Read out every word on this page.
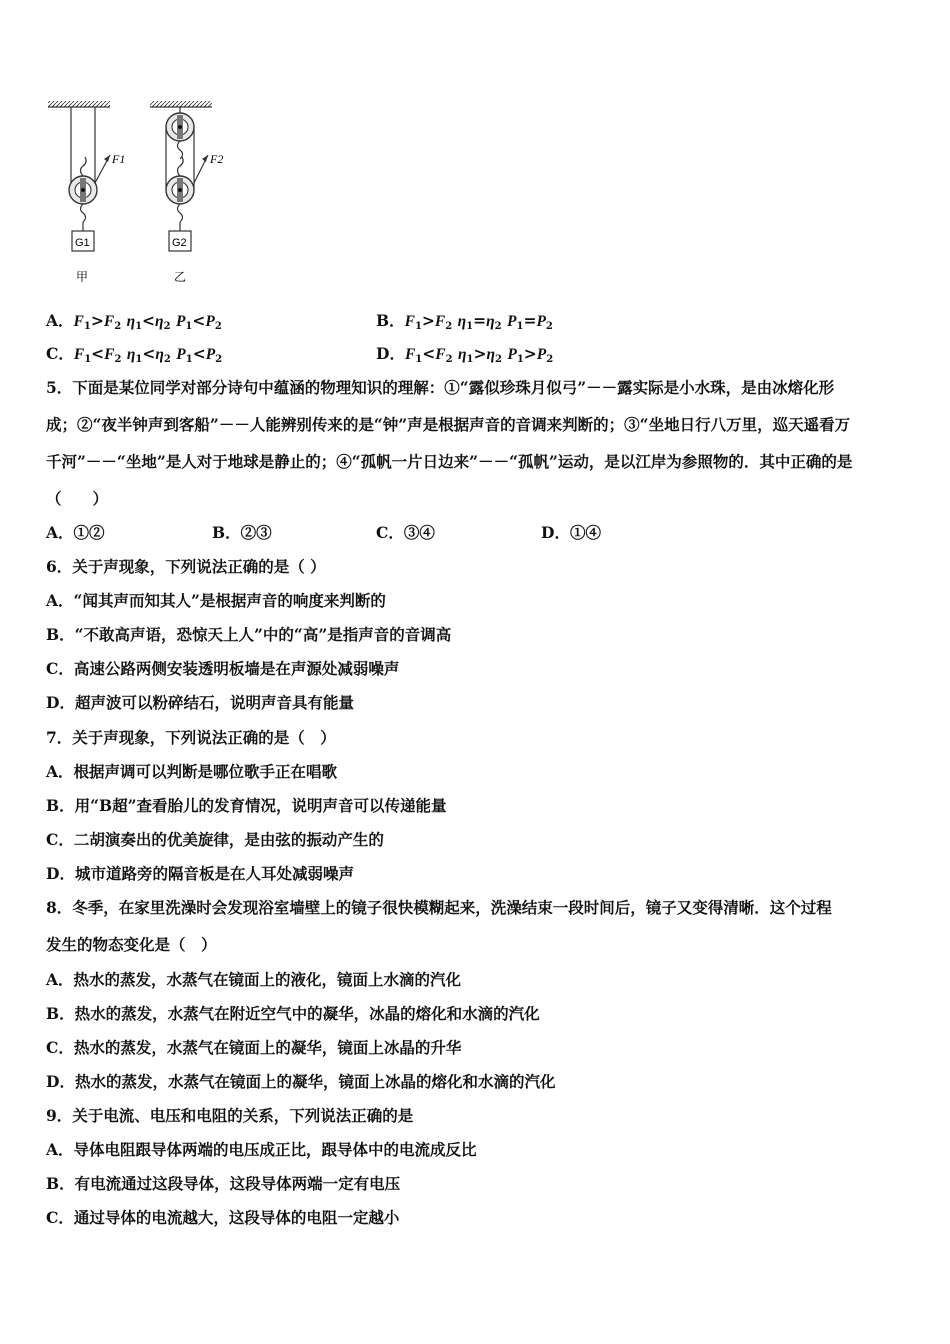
F1
G1
甲
F2
G2
乙
A．$F_1>F_2$ $\eta_1<\eta_2$ $P_1<P_2$	B．$F_1>F_2$ $\eta_1=\eta_2$ $P_1=P_2$
C．$F_1<F_2$ $\eta_1<\eta_2$ $P_1<P_2$	D．$F_1<F_2$ $\eta_1>\eta_2$ $P_1>P_2$
5．下面是某位同学对部分诗句中蕴涵的物理知识的理解：①“露似珍珠月似弓”－－露实际是小水珠，是由冰熔化形
成；②“夜半钟声到客船”－－人能辨别传来的是“钟”声是根据声音的音调来判断的；③“坐地日行八万里，巡天遥看万
千河”－－“坐地”是人对于地球是静止的；④“孤帆一片日边来”－－“孤帆”运动，是以江岸为参照物的．其中正确的是
（　　）
A．①②	B．②③	C．③④	D．①④
6．关于声现象，下列说法正确的是（ ）
A．“闻其声而知其人”是根据声音的响度来判断的
B．“不敢高声语，恐惊天上人”中的“高”是指声音的音调高
C．高速公路两侧安装透明板墙是在声源处减弱噪声
D．超声波可以粉碎结石，说明声音具有能量
7．关于声现象，下列说法正确的是（　）
A．根据声调可以判断是哪位歌手正在唱歌
B．用“B超”查看胎儿的发育情况，说明声音可以传递能量
C．二胡演奏出的优美旋律，是由弦的振动产生的
D．城市道路旁的隔音板是在人耳处减弱噪声
8．冬季，在家里洗澡时会发现浴室墙壁上的镜子很快模糊起来，洗澡结束一段时间后，镜子又变得清晰．这个过程
发生的物态变化是（　）
A．热水的蒸发，水蒸气在镜面上的液化，镜面上水滴的汽化
B．热水的蒸发，水蒸气在附近空气中的凝华，冰晶的熔化和水滴的汽化
C．热水的蒸发，水蒸气在镜面上的凝华，镜面上冰晶的升华
D．热水的蒸发，水蒸气在镜面上的凝华，镜面上冰晶的熔化和水滴的汽化
9．关于电流、电压和电阻的关系，下列说法正确的是
A．导体电阻跟导体两端的电压成正比，跟导体中的电流成反比
B．有电流通过这段导体，这段导体两端一定有电压
C．通过导体的电流越大，这段导体的电阻一定越小
